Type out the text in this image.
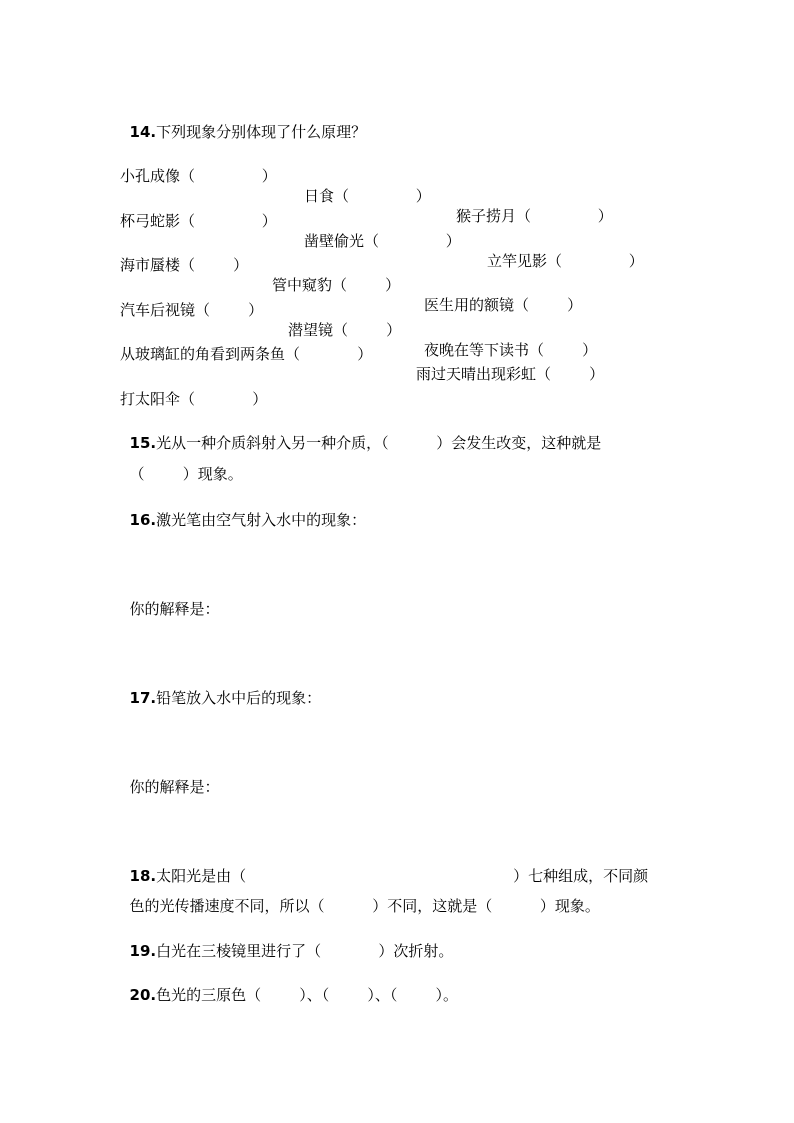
14.下列现象分别体现了什么原理？

小孔成像（              ）

日食（              ）

猴子捞月（              ）

杯弓蛇影（              ）

凿壁偷光（              ）

立竿见影（              ）

海市蜃楼（        ）

管中窥豹（        ）

医生用的额镜（        ）

汽车后视镜（        ）

潜望镜（        ）

夜晚在等下读书（        ）

从玻璃缸的角看到两条鱼（            ）

雨过天晴出现彩虹（        ）

打太阳伞（            ）

15.光从一种介质斜射入另一种介质，（          ）会发生改变，这种就是

（        ）现象。

16.激光笔由空气射入水中的现象：

你的解释是：

17.铅笔放入水中后的现象：

你的解释是：

18.太阳光是由（                                                        ）七种组成，不同颜

色的光传播速度不同，所以（          ）不同，这就是（          ）现象。

19.白光在三棱镜里进行了（            ）次折射。

20.色光的三原色（        ）、（        ）、（        ）。
